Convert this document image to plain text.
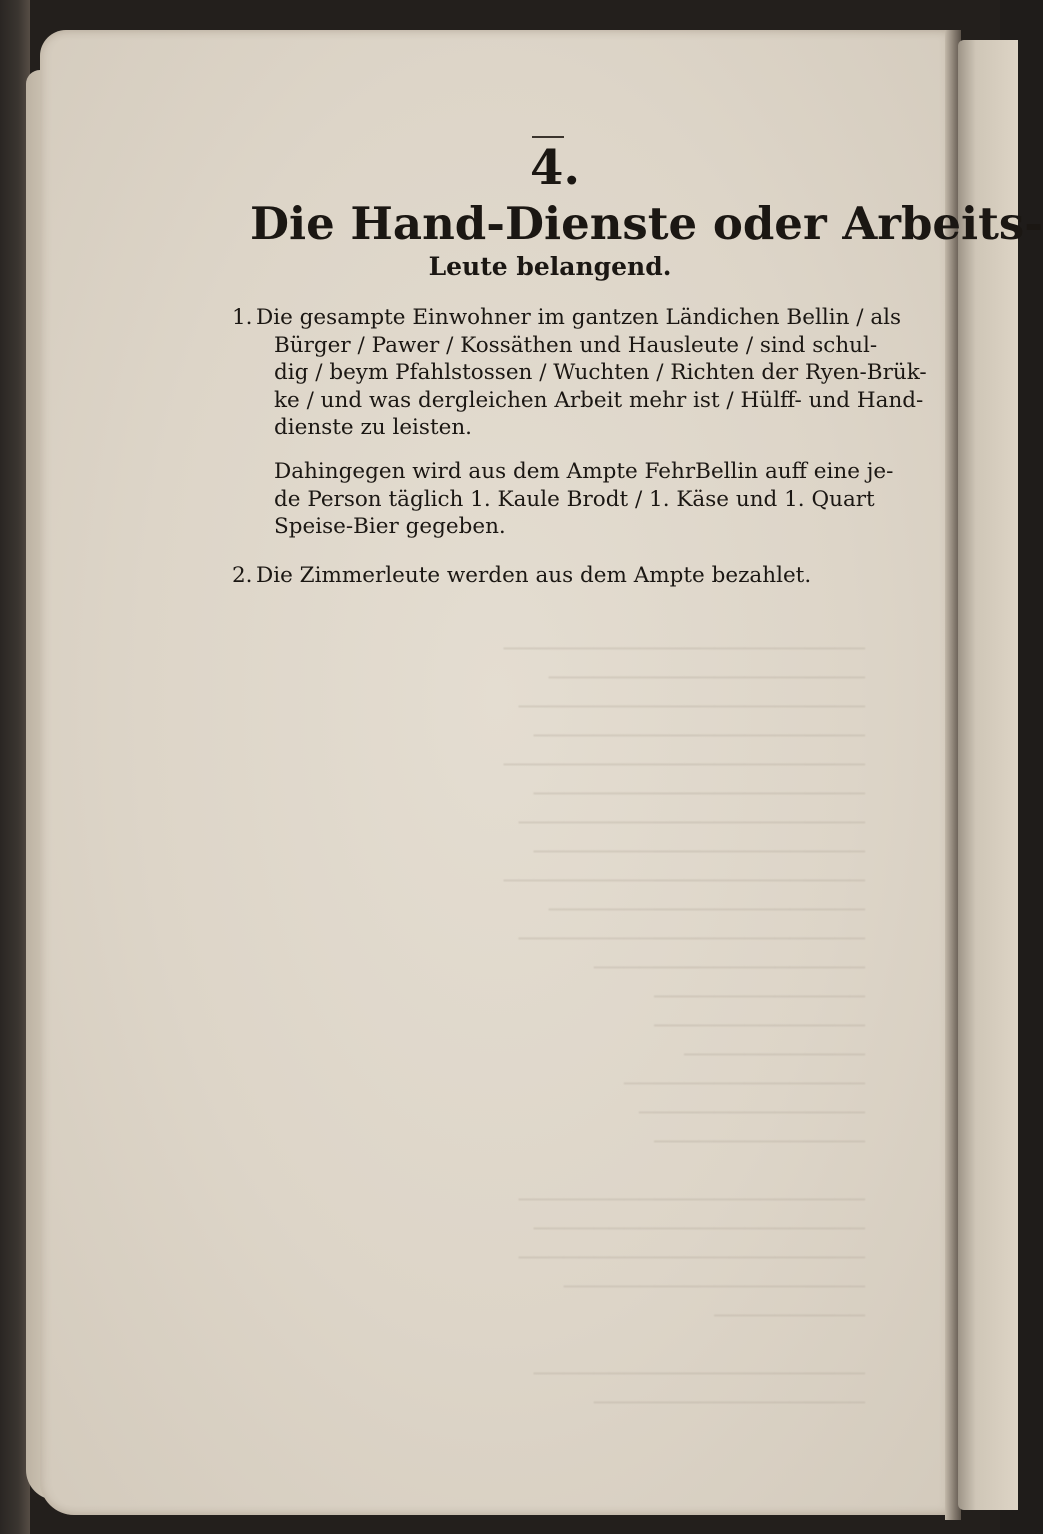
────────────────────────
─────────────────────
───────────────────────
──────────────────────
────────────────────────
──────────────────────
───────────────────────
──────────────────────
────────────────────────
─────────────────────
───────────────────────
──────────────────
──────────────
──────────────
────────────
────────────────
───────────────
──────────────

───────────────────────
──────────────────────
───────────────────────
────────────────────
──────────

──────────────────────
──────────────────

4.
Die Hand-Dienste oder Arbeits-
Leute belangend.
1. Die gesampte Einwohner im gantzen Ländichen Bellin / als
Bürger / Pawer / Kossäthen und Hausleute / sind schul-
dig / beym Pfahlstossen / Wuchten / Richten der Ryen-Brük-
ke / und was dergleichen Arbeit mehr ist / Hülff- und Hand-
dienste zu leisten.
Dahingegen wird aus dem Ampte FehrBellin auff eine je-
de Person täglich 1. Kaule Brodt / 1. Käse und 1. Quart
Speise-Bier gegeben.
2. Die Zimmerleute werden aus dem Ampte bezahlet.
